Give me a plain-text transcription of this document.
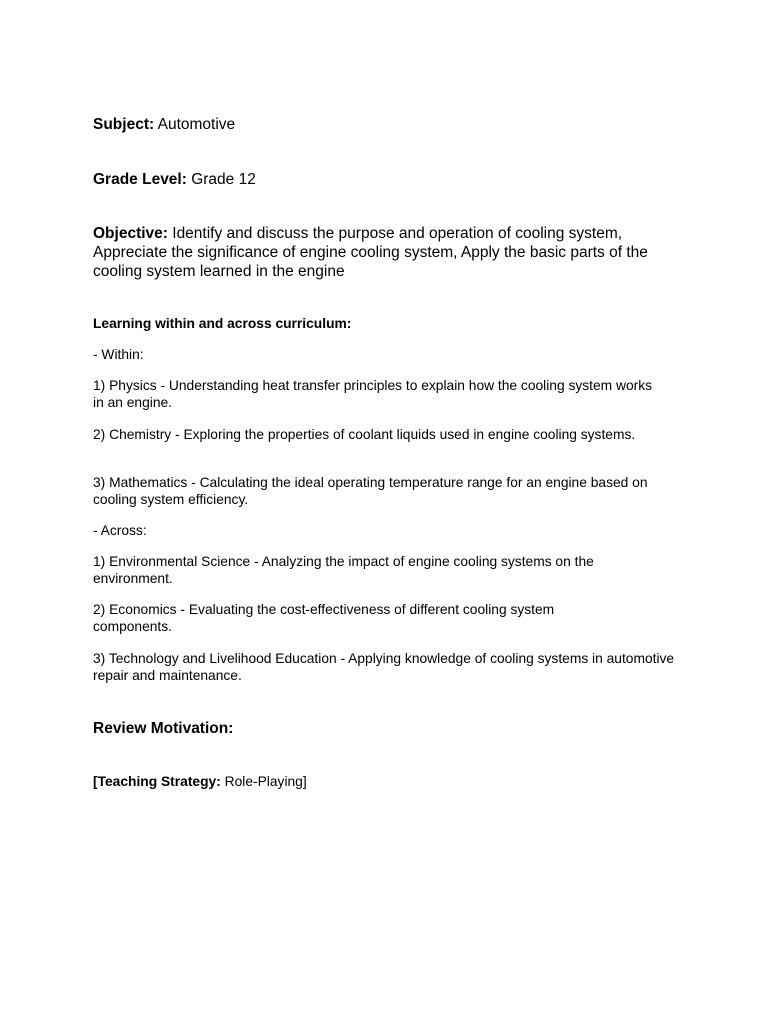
Subject: Automotive

Grade Level: Grade 12

Objective: Identify and discuss the purpose and operation of cooling system, Appreciate the significance of engine cooling system, Apply the basic parts of the cooling system learned in the engine

Learning within and across curriculum:

- Within:

1) Physics - Understanding heat transfer principles to explain how the cooling system works in an engine.

2) Chemistry - Exploring the properties of coolant liquids used in engine cooling systems.

3) Mathematics - Calculating the ideal operating temperature range for an engine based on cooling system efficiency.

- Across:

1) Environmental Science - Analyzing the impact of engine cooling systems on the environment.

2) Economics - Evaluating the cost-effectiveness of different cooling system components.

3) Technology and Livelihood Education - Applying knowledge of cooling systems in automotive repair and maintenance.

Review Motivation:

[Teaching Strategy: Role-Playing]
